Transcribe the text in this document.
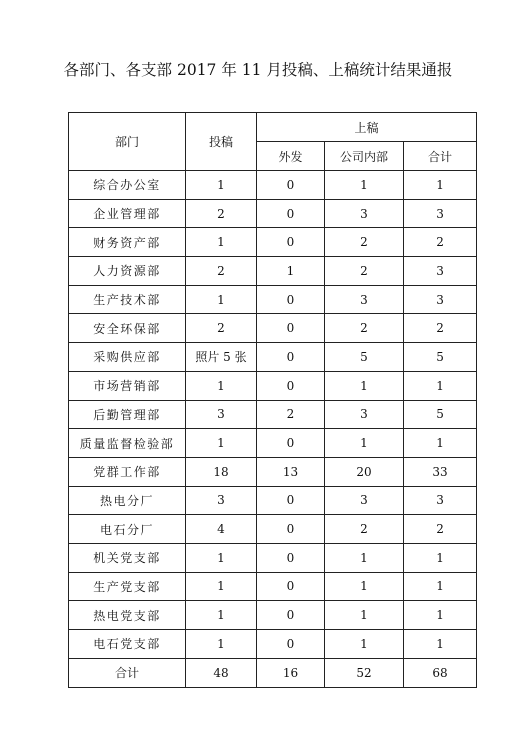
各部门、各支部 2017 年 11 月投稿、上稿统计结果通报
部门	投稿	上稿		
		外发	公司内部	合计
综合办公室	1	0	1	1
企业管理部	2	0	3	3
财务资产部	1	0	2	2
人力资源部	2	1	2	3
生产技术部	1	0	3	3
安全环保部	2	0	2	2
采购供应部	照片 5 张	0	5	5
市场营销部	1	0	1	1
后勤管理部	3	2	3	5
质量监督检验部	1	0	1	1
党群工作部	18	13	20	33
热电分厂	3	0	3	3
电石分厂	4	0	2	2
机关党支部	1	0	1	1
生产党支部	1	0	1	1
热电党支部	1	0	1	1
电石党支部	1	0	1	1
合计	48	16	52	68
